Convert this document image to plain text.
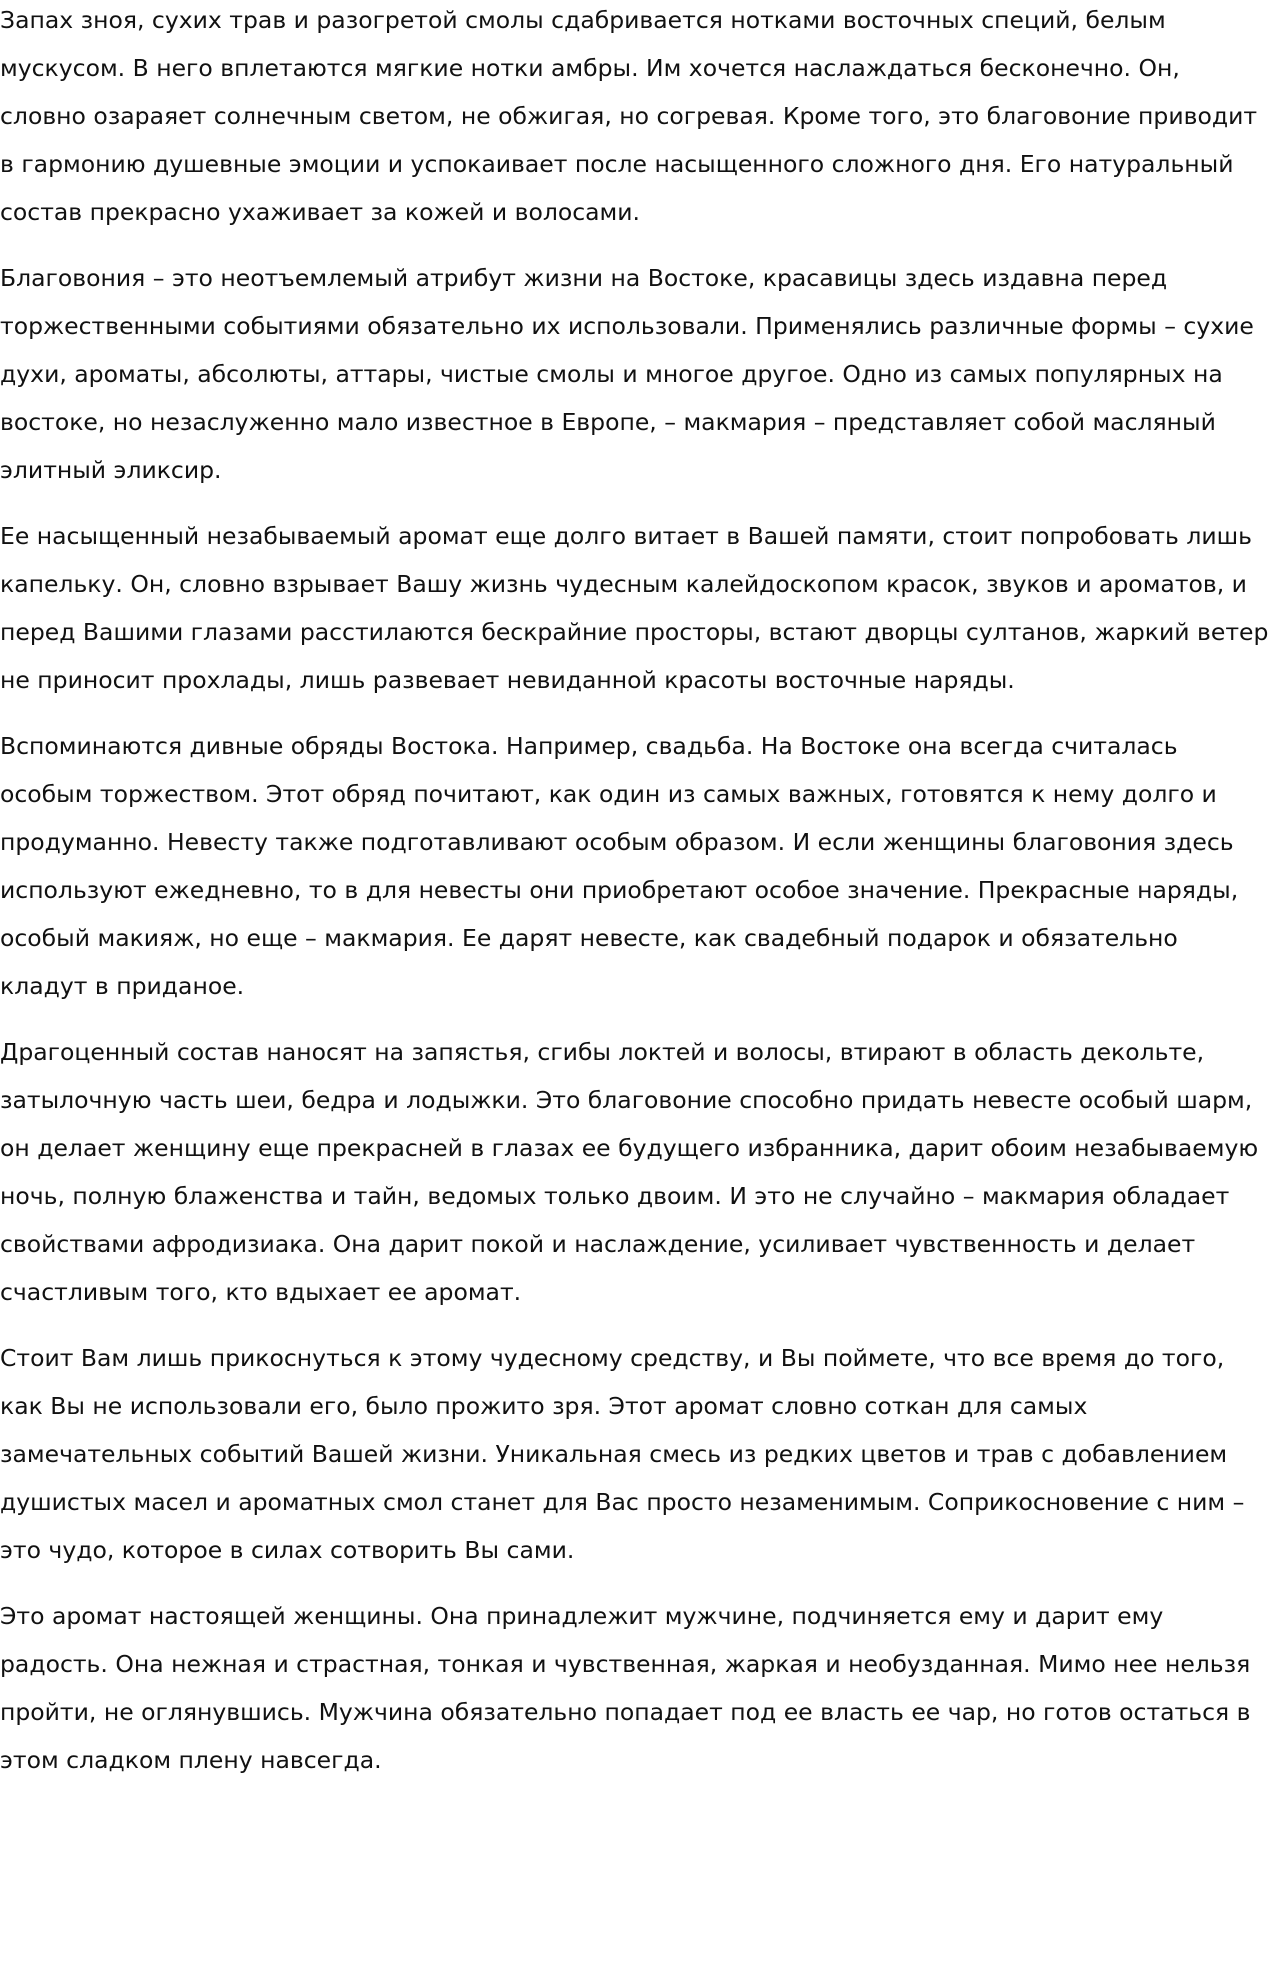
Запах зноя, сухих трав и разогретой смолы сдабривается нотками восточных специй, белым мускусом. В него вплетаются мягкие нотки амбры. Им хочется наслаждаться бесконечно. Он, словно озараяет солнечным светом, не обжигая, но согревая. Кроме того, это благовоние приводит в гармонию душевные эмоции и успокаивает после насыщенного сложного дня. Его натуральный состав прекрасно ухаживает за кожей и волосами.

Благовония – это неотъемлемый атрибут жизни на Востоке, красавицы здесь издавна перед торжественными событиями обязательно их использовали. Применялись различные формы – сухие духи, ароматы, абсолюты, аттары, чистые смолы и многое другое. Одно из самых популярных на востоке, но незаслуженно мало известное в Европе, – макмария – представляет собой масляный элитный эликсир.

Ее насыщенный незабываемый аромат еще долго витает в Вашей памяти, стоит попробовать лишь капельку. Он, словно взрывает Вашу жизнь чудесным калейдоскопом красок, звуков и ароматов, и перед Вашими глазами расстилаются бескрайние просторы, встают дворцы султанов, жаркий ветер не приносит прохлады, лишь развевает невиданной красоты восточные наряды.

Вспоминаются дивные обряды Востока. Например, свадьба. На Востоке она всегда считалась особым торжеством. Этот обряд почитают, как один из самых важных, готовятся к нему долго и продуманно. Невесту также подготавливают особым образом. И если женщины благовония здесь используют ежедневно, то в для невесты они приобретают особое значение. Прекрасные наряды, особый макияж, но еще – макмария. Ее дарят невесте, как свадебный подарок и обязательно кладут в приданое.

Драгоценный состав наносят на запястья, сгибы локтей и волосы, втирают в область декольте, затылочную часть шеи, бедра и лодыжки. Это благовоние способно придать невесте особый шарм, он делает женщину еще прекрасней в глазах ее будущего избранника, дарит обоим незабываемую ночь, полную блаженства и тайн, ведомых только двоим. И это не случайно – макмария обладает свойствами афродизиака. Она дарит покой и наслаждение, усиливает чувственность и делает счастливым того, кто вдыхает ее аромат.

Стоит Вам лишь прикоснуться к этому чудесному средству, и Вы поймете, что все время до того, как Вы не использовали его, было прожито зря. Этот аромат словно соткан для самых замечательных событий Вашей жизни. Уникальная смесь из редких цветов и трав с добавлением душистых масел и ароматных смол станет для Вас просто незаменимым. Соприкосновение с ним – это чудо, которое в силах сотворить Вы сами.

Это аромат настоящей женщины. Она принадлежит мужчине, подчиняется ему и дарит ему радость. Она нежная и страстная, тонкая и чувственная, жаркая и необузданная. Мимо нее нельзя пройти, не оглянувшись. Мужчина обязательно попадает под ее власть ее чар, но готов остаться в этом сладком плену навсегда.
